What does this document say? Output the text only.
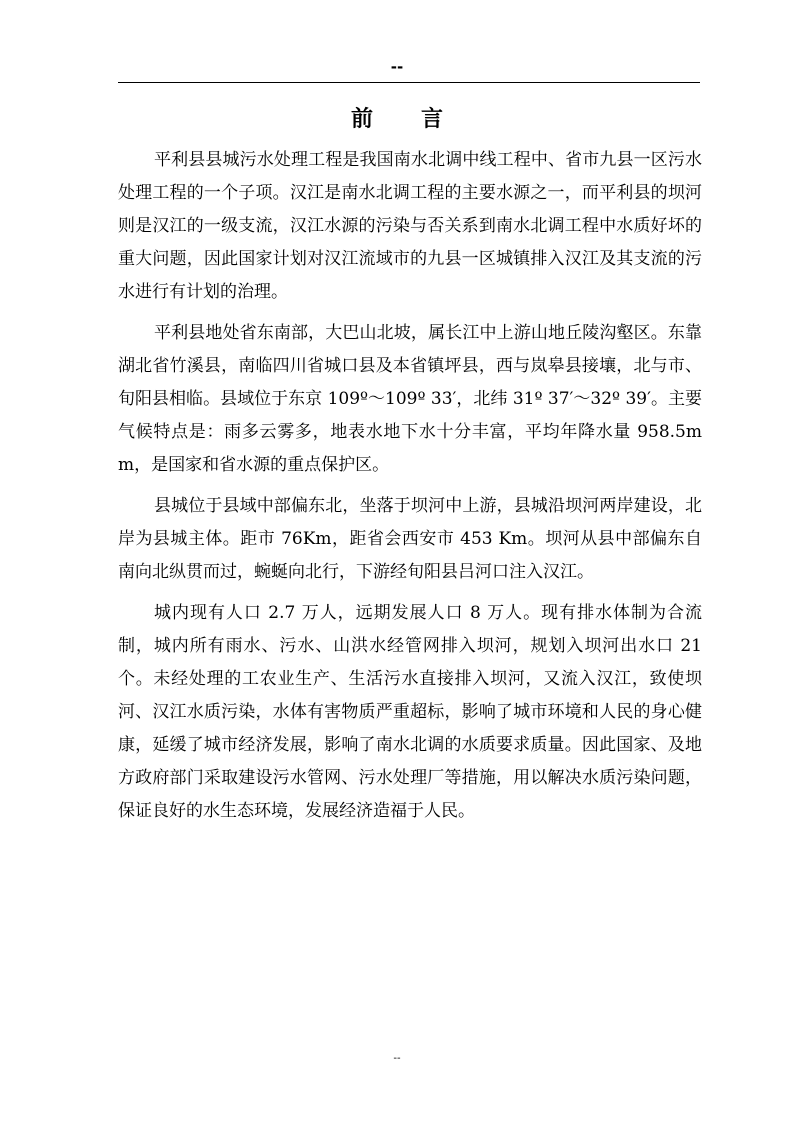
--
前言

平利县县城污水处理工程是我国南水北调中线工程中、省市九县一区污水处理工程的一个子项。汉江是南水北调工程的主要水源之一，而平利县的坝河则是汉江的一级支流，汉江水源的污染与否关系到南水北调工程中水质好坏的重大问题，因此国家计划对汉江流域市的九县一区城镇排入汉江及其支流的污水进行有计划的治理。

平利县地处省东南部，大巴山北坡，属长江中上游山地丘陵沟壑区。东靠湖北省竹溪县，南临四川省城口县及本省镇坪县，西与岚皋县接壤，北与市、旬阳县相临。县域位于东京 109º～109º 33′，北纬 31º 37′～32º 39′。主要气候特点是：雨多云雾多，地表水地下水十分丰富，平均年降水量 958.5mm，是国家和省水源的重点保护区。

县城位于县域中部偏东北，坐落于坝河中上游，县城沿坝河两岸建设，北岸为县城主体。距市 76Km，距省会西安市 453 Km。坝河从县中部偏东自南向北纵贯而过，蜿蜒向北行，下游经旬阳县吕河口注入汉江。

城内现有人口 2.7 万人，远期发展人口 8 万人。现有排水体制为合流制，城内所有雨水、污水、山洪水经管网排入坝河，规划入坝河出水口 21 个。未经处理的工农业生产、生活污水直接排入坝河，又流入汉江，致使坝河、汉江水质污染，水体有害物质严重超标，影响了城市环境和人民的身心健康，延缓了城市经济发展，影响了南水北调的水质要求质量。因此国家、及地方政府部门采取建设污水管网、污水处理厂等措施，用以解决水质污染问题，保证良好的水生态环境，发展经济造福于人民。

--
